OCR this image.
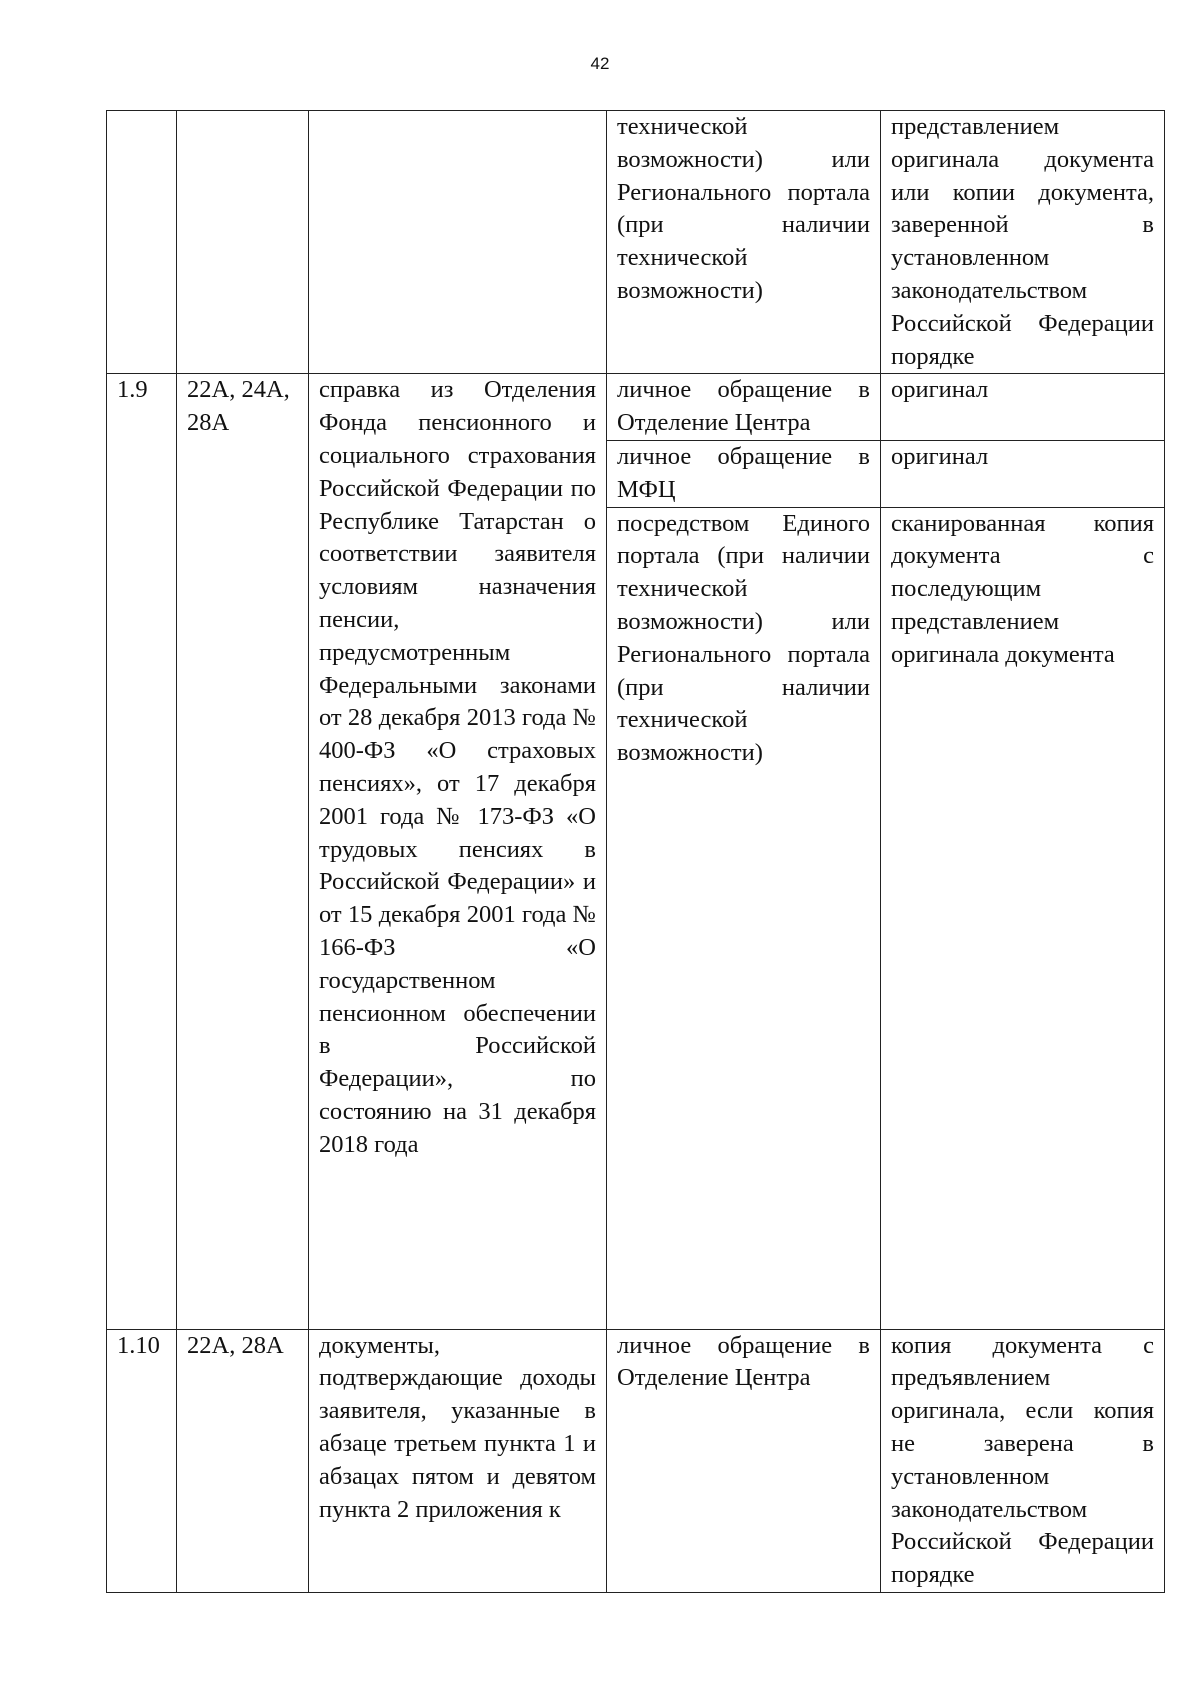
42
			технической возможности) или Регионального портала (при наличии технической возможности)	представлением оригинала документа или копии документа, заверенной в установленном законодательством Российской Федерации порядке
1.9	22А, 24А, 28А	справка из Отделения Фонда пенсионного и социального страхования Российской Федерации по Республике Татарстан о соответствии заявителя условиям назначения пенсии, предусмотренным Федеральными законами от 28 декабря 2013 года № 400-ФЗ «О страховых пенсиях», от 17 декабря 2001 года № 173-ФЗ «О трудовых пенсиях в Российской Федерации» и от 15 декабря 2001 года № 166-ФЗ «О государственном пенсионном обеспечении в Российской Федерации», по состоянию на 31 декабря 2018 года	личное обращение в Отделение Центра	оригинал
			личное обращение в МФЦ	оригинал
			посредством Единого портала (при наличии технической возможности) или Регионального портала (при наличии технической возможности)	сканированная копия документа с последующим представлением оригинала документа
1.10	22А, 28А	документы, подтверждающие доходы заявителя, указанные в абзаце третьем пункта 1 и абзацах пятом и девятом пункта 2 приложения к	личное обращение в Отделение Центра	копия документа с предъявлением оригинала, если копия не заверена в установленном законодательством Российской Федерации порядке
